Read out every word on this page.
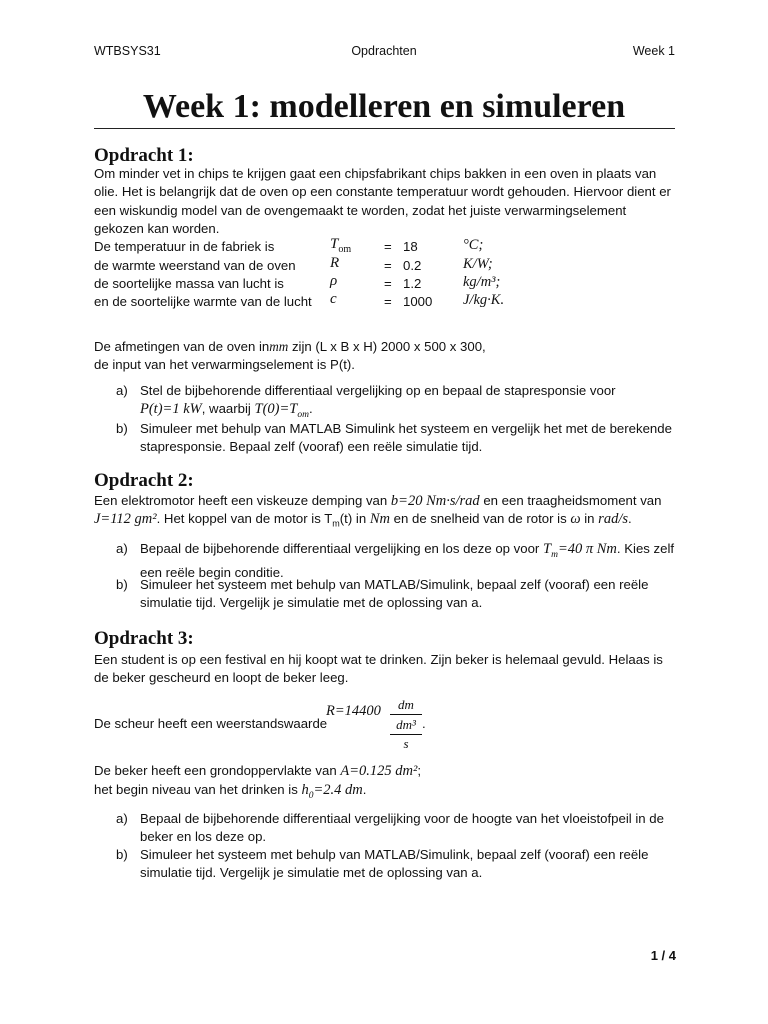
WTBSYS31	Opdrachten	Week 1
Week 1: modelleren en simuleren
Opdracht 1:
Om minder vet in chips te krijgen gaat een chipsfabrikant chips bakken in een oven in plaats van olie. Het is belangrijk dat de oven op een constante temperatuur wordt gehouden. Hiervoor dient er een wiskundig model van de ovengemaakt te worden, zodat het juiste verwarmingselement gekozen kan worden.
De temperatuur in de fabriek is	$T_{om} = 18$	°C;
de warmte weerstand van de oven R	= 0.2	K/W;
de soortelijke massa van lucht is	ρ	= 1.2	kg/m³;
en de soortelijke warmte van de lucht c	= 1000 J/kg·K.
De afmetingen van de oven inmm zijn (L x B x H) 2000 x 500 x 300,
de input van het verwarmingselement is P(t).
a) Stel de bijbehorende differentiaal vergelijking op en bepaal de stapresponsie voor
P(t)=1 kW, waarbij $T(0)=T_{om}$.
b) Simuleer met behulp van MATLAB Simulink het systeem en vergelijk het met de berekende stapresponsie. Bepaal zelf (vooraf) een reële simulatie tijd.
Opdracht 2:
Een elektromotor heeft een viskeuze demping van b=20 Nm·s/rad en een traagheidsmoment van
J=112 gm². Het koppel van de motor is $T_m(t)$ in Nm en de snelheid van de rotor is ω in rad/s.
a) Bepaal de bijbehorende differentiaal vergelijking en los deze op voor $T_m=40$ π Nm. Kies zelf
een reële begin conditie.
b) Simuleer het systeem met behulp van MATLAB/Simulink, bepaal zelf (vooraf) een reële simulatie tijd. Vergelijk je simulatie met de oplossing van a.
Opdracht 3:
Een student is op een festival en hij koopt wat te drinken. Zijn beker is helemaal gevuld. Helaas is de beker gescheurd en loopt de beker leeg.
De scheur heeft een weerstandswaarde
$R=14400 \frac{dm}{\text{dm³}}$
s
.
De beker heeft een grondoppervlakte van A=0.125 dm²;
het begin niveau van het drinken is $h_0=2.4$ dm.
a) Bepaal de bijbehorende differentiaal vergelijking voor de hoogte van het vloeistofpeil in de beker en los deze op.
b) Simuleer het systeem met behulp van MATLAB/Simulink, bepaal zelf (vooraf) een reële simulatie tijd. Vergelijk je simulatie met de oplossing van a.
1 / 4
